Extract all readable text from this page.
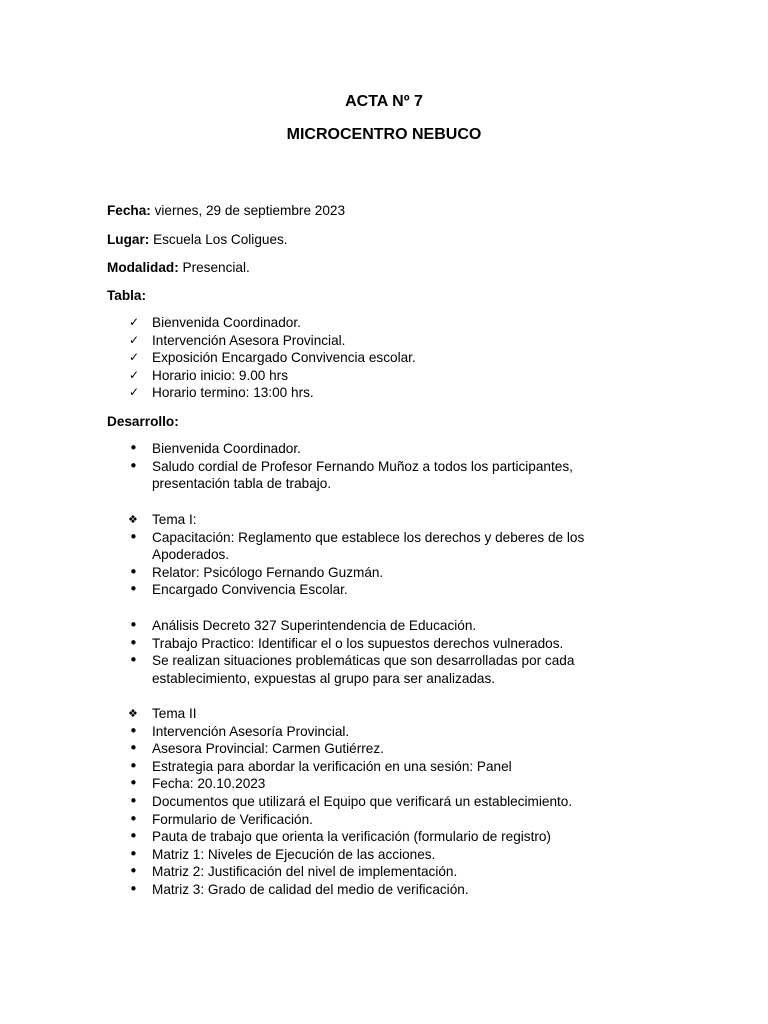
ACTA Nº 7

MICROCENTRO NEBUCO

Fecha: viernes, 29 de septiembre 2023

Lugar: Escuela Los Coligues.

Modalidad: Presencial.

Tabla:

✓ Bienvenida Coordinador.
✓ Intervención Asesora Provincial.
✓ Exposición Encargado Convivencia escolar.
✓ Horario inicio: 9.00 hrs
✓ Horario termino: 13:00 hrs.

Desarrollo:

•	Bienvenida Coordinador.
•	Saludo cordial de Profesor Fernando Muñoz a todos los participantes, presentación tabla de trabajo.
❖	Tema I:
•	Capacitación: Reglamento que establece los derechos y deberes de los Apoderados.
•	Relator: Psicólogo Fernando Guzmán.
•	Encargado Convivencia Escolar.
•	Análisis Decreto 327 Superintendencia de Educación.
•	Trabajo Practico: Identificar el o los supuestos derechos vulnerados.
•	Se realizan situaciones problemáticas que son desarrolladas por cada establecimiento, expuestas al grupo para ser analizadas.
❖	Tema II
•	Intervención Asesoría Provincial.
•	Asesora Provincial: Carmen Gutiérrez.
•	Estrategia para abordar la verificación en una sesión: Panel
•	Fecha: 20.10.2023
•	Documentos que utilizará el Equipo que verificará un establecimiento.
•	Formulario de Verificación.
•	Pauta de trabajo que orienta la verificación (formulario de registro)
•	Matriz 1: Niveles de Ejecución de las acciones.
•	Matriz 2: Justificación del nivel de implementación.
•	Matriz 3: Grado de calidad del medio de verificación.
